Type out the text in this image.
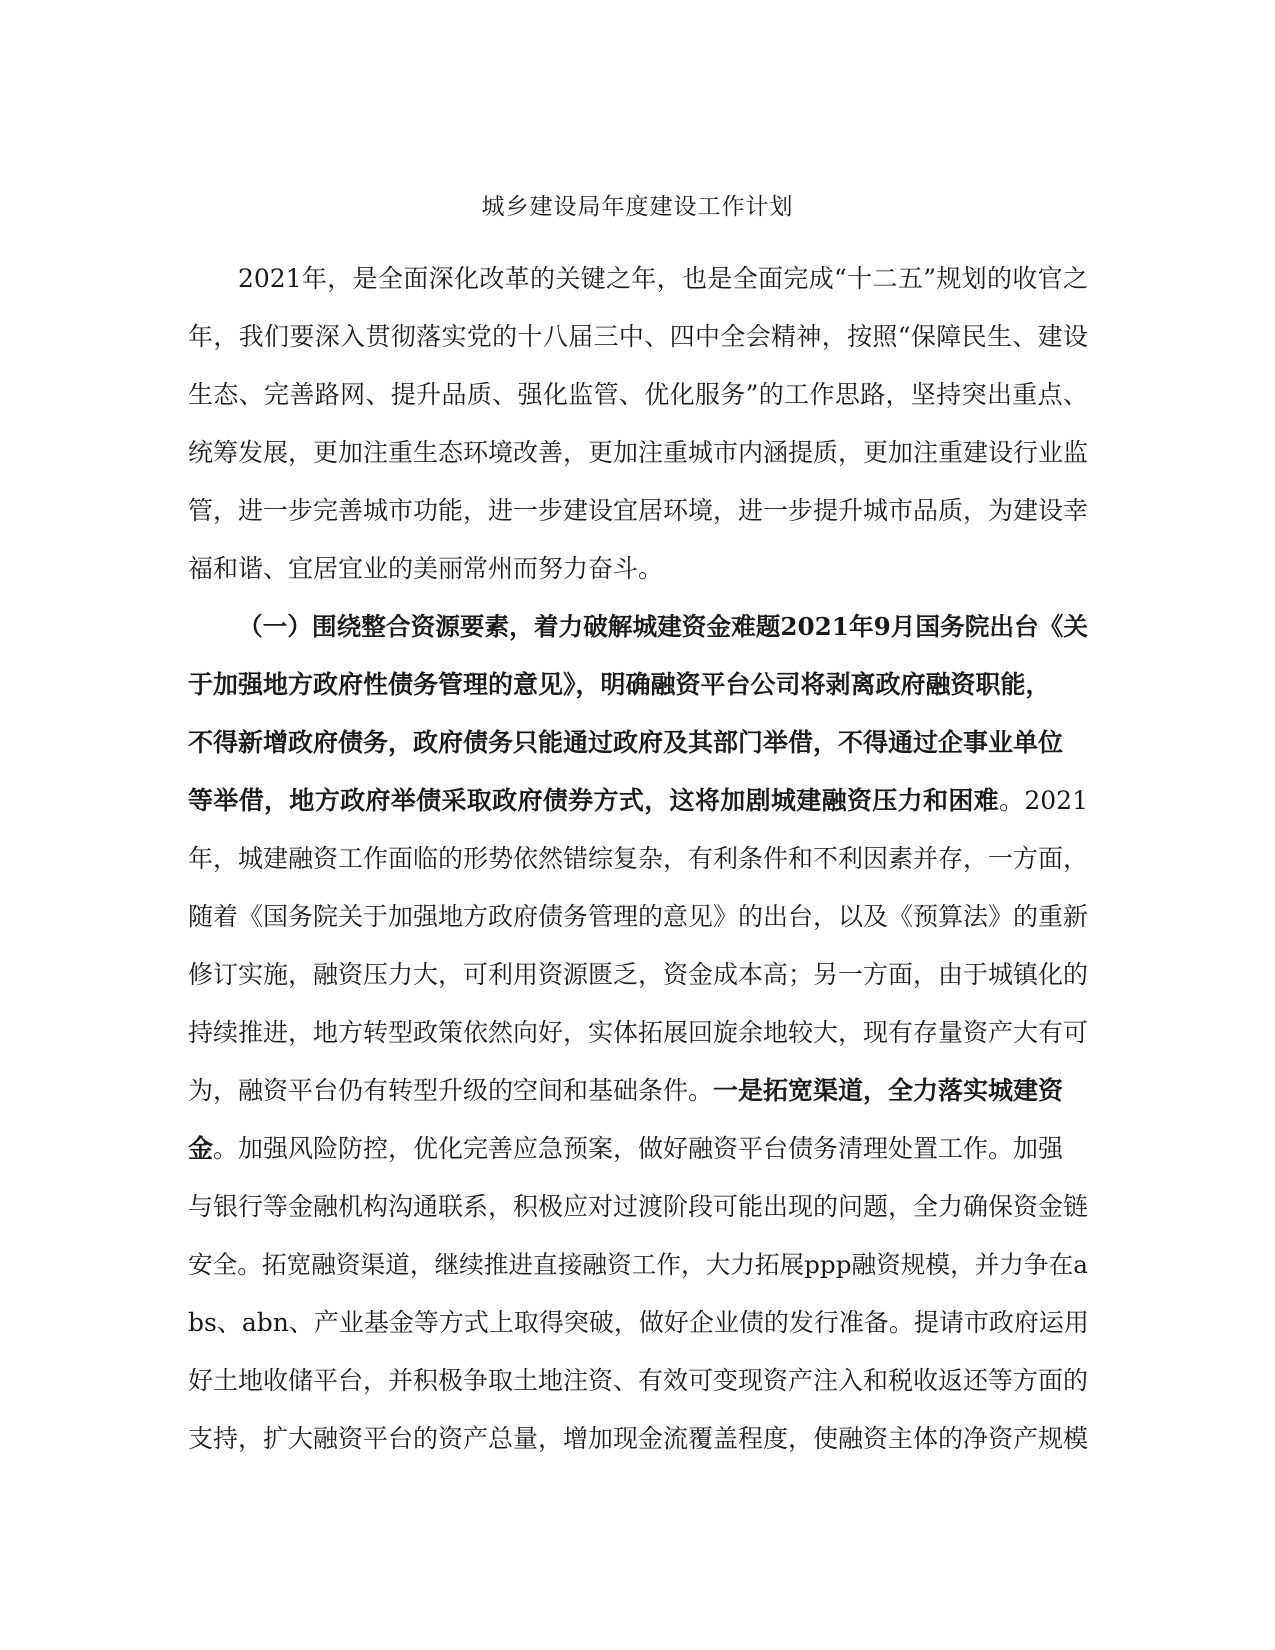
城乡建设局年度建设工作计划
2021年，是全面深化改革的关键之年，也是全面完成“十二五”规划的收官之
年，我们要深入贯彻落实党的十八届三中、四中全会精神，按照“保障民生、建设
生态、完善路网、提升品质、强化监管、优化服务”的工作思路，坚持突出重点、
统筹发展，更加注重生态环境改善，更加注重城市内涵提质，更加注重建设行业监
管，进一步完善城市功能，进一步建设宜居环境，进一步提升城市品质，为建设幸
福和谐、宜居宜业的美丽常州而努力奋斗。
（一）围绕整合资源要素，着力破解城建资金难题2021年9月国务院出台《关
于加强地方政府性债务管理的意见》，明确融资平台公司将剥离政府融资职能，
不得新增政府债务，政府债务只能通过政府及其部门举借，不得通过企事业单位
等举借，地方政府举债采取政府债券方式，这将加剧城建融资压力和困难。2021
年，城建融资工作面临的形势依然错综复杂，有利条件和不利因素并存，一方面，
随着《国务院关于加强地方政府债务管理的意见》的出台，以及《预算法》的重新
修订实施，融资压力大，可利用资源匮乏，资金成本高；另一方面，由于城镇化的
持续推进，地方转型政策依然向好，实体拓展回旋余地较大，现有存量资产大有可
为，融资平台仍有转型升级的空间和基础条件。一是拓宽渠道，全力落实城建资
金。加强风险防控，优化完善应急预案，做好融资平台债务清理处置工作。加强
与银行等金融机构沟通联系，积极应对过渡阶段可能出现的问题，全力确保资金链
安全。拓宽融资渠道，继续推进直接融资工作，大力拓展ppp融资规模，并力争在a
bs、abn、产业基金等方式上取得突破，做好企业债的发行准备。提请市政府运用
好土地收储平台，并积极争取土地注资、有效可变现资产注入和税收返还等方面的
支持，扩大融资平台的资产总量，增加现金流覆盖程度，使融资主体的净资产规模
